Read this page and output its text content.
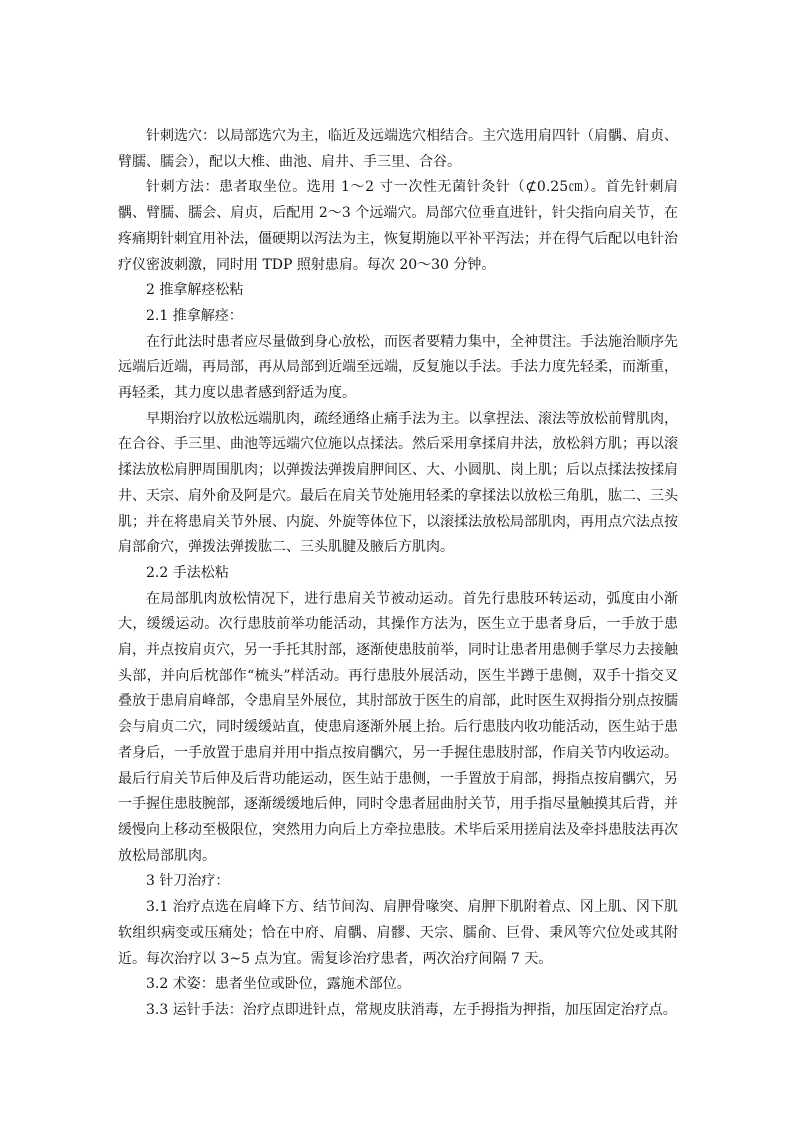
针刺选穴：以局部选穴为主，临近及远端选穴相结合。主穴选用肩四针（肩髃、肩贞、臂臑、臑会），配以大椎、曲池、肩井、手三里、合谷。

针刺方法：患者取坐位。选用 1～2 寸一次性无菌针灸针（⊄0.25㎝）。首先针刺肩髃、臂臑、臑会、肩贞，后配用 2～3 个远端穴。局部穴位垂直进针，针尖指向肩关节，在疼痛期针刺宜用补法，僵硬期以泻法为主，恢复期施以平补平泻法；并在得气后配以电针治疗仪密波刺激，同时用 TDP 照射患肩。每次 20～30 分钟。

2 推拿解痉松粘

2.1 推拿解痉：

在行此法时患者应尽量做到身心放松，而医者要精力集中，全神贯注。手法施治顺序先远端后近端，再局部，再从局部到近端至远端，反复施以手法。手法力度先轻柔，而渐重，再轻柔，其力度以患者感到舒适为度。

早期治疗以放松远端肌肉，疏经通络止痛手法为主。以拿捏法、滚法等放松前臂肌肉，在合谷、手三里、曲池等远端穴位施以点揉法。然后采用拿揉肩井法，放松斜方肌；再以滚揉法放松肩胛周围肌肉；以弹拨法弹拨肩胛间区、大、小圆肌、岗上肌；后以点揉法按揉肩井、天宗、肩外俞及阿是穴。最后在肩关节处施用轻柔的拿揉法以放松三角肌，肱二、三头肌；并在将患肩关节外展、内旋、外旋等体位下，以滚揉法放松局部肌肉，再用点穴法点按肩部俞穴，弹拨法弹拨肱二、三头肌腱及腋后方肌肉。

2.2 手法松粘

在局部肌肉放松情况下，进行患肩关节被动运动。首先行患肢环转运动，弧度由小渐大，缓缓运动。次行患肢前举功能活动，其操作方法为，医生立于患者身后，一手放于患肩，并点按肩贞穴，另一手托其肘部，逐渐使患肢前举，同时让患者用患侧手掌尽力去接触头部，并向后枕部作“梳头”样活动。再行患肢外展活动，医生半蹲于患侧，双手十指交叉叠放于患肩肩峰部，令患肩呈外展位，其肘部放于医生的肩部，此时医生双拇指分别点按臑会与肩贞二穴，同时缓缓站直，使患肩逐渐外展上抬。后行患肢内收功能活动，医生站于患者身后，一手放置于患肩并用中指点按肩髃穴，另一手握住患肢肘部，作肩关节内收运动。最后行肩关节后伸及后背功能运动，医生站于患侧，一手置放于肩部，拇指点按肩髃穴，另一手握住患肢腕部，逐渐缓缓地后伸，同时令患者屈曲肘关节，用手指尽量触摸其后背，并缓慢向上移动至极限位，突然用力向后上方牵拉患肢。术毕后采用搓肩法及牵抖患肢法再次放松局部肌肉。

3 针刀治疗：

3.1 治疗点选在肩峰下方、结节间沟、肩胛骨喙突、肩胛下肌附着点、冈上肌、冈下肌软组织病变或压痛处；恰在中府、肩髃、肩髎、天宗、臑俞、巨骨、秉风等穴位处或其附近。每次治疗以 3~5 点为宜。需复诊治疗患者，两次治疗间隔 7 天。

3.2 术姿：患者坐位或卧位，露施术部位。

3.3 运针手法：治疗点即进针点，常规皮肤消毒，左手拇指为押指，加压固定治疗点。
